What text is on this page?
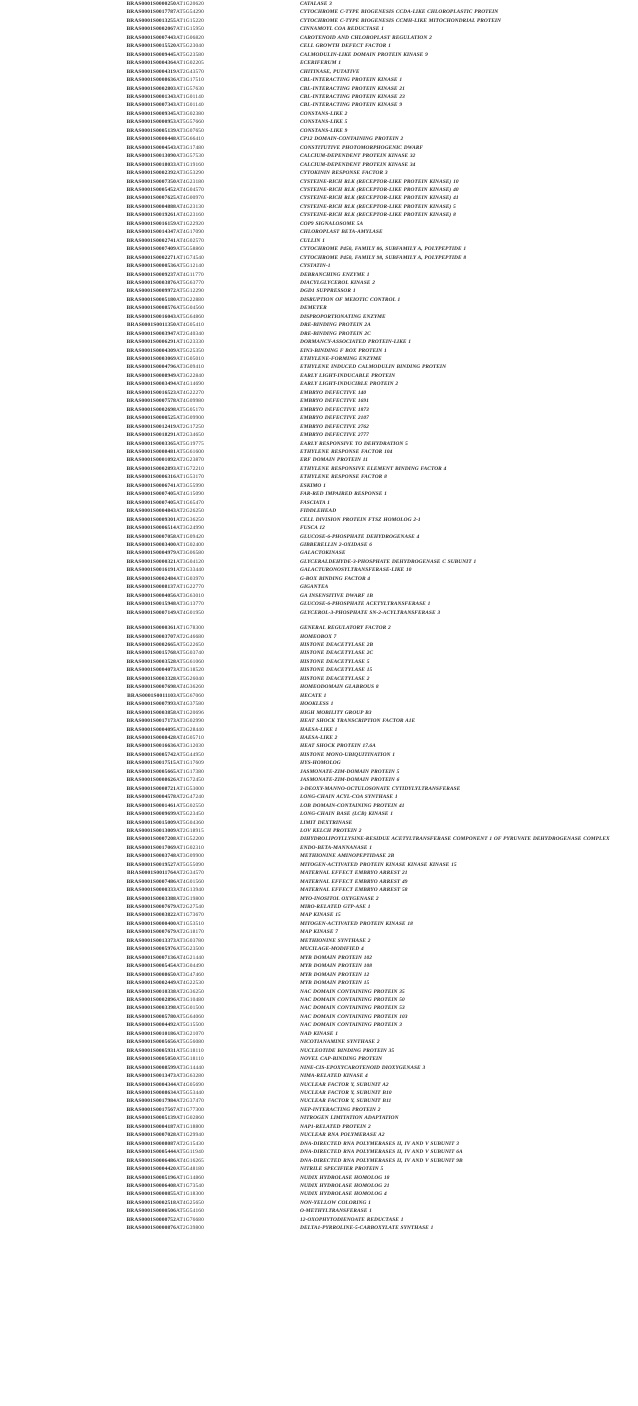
BRAS0001S0000250	AT1G20620	CATALASE 3
BRAS0001S0017787	AT5G54290	CYTOCHROME C-TYPE BIOGENESIS CCDA-LIKE CHLOROPLASTIC PROTEIN
BRAS0001S0013255	AT1G15220	CYTOCHROME C-TYPE BIOGENESIS CCMH-LIKE MITOCHONDRIAL PROTEIN
BRAS0001S0002067	AT1G15950	CINNAMOYL COA REDUCTASE 1
BRAS0001S0007443	AT1G06820	CAROTENOID AND CHLOROPLAST REGULATION 2
BRAS0001S0015520	AT5G23040	CELL GROWTH DEFECT FACTOR 1
BRAS0001S0009445	AT5G23580	CALMODULIN-LIKE DOMAIN PROTEIN KINASE 9
BRAS0001S0004364	AT1G02205	ECERIFERUM 1
BRAS0001S0004319	AT2G43570	CHITINASE, PUTATIVE
BRAS0001S0008636	AT3G17510	CBL-INTERACTING PROTEIN KINASE 1
BRAS0001S0002803	AT1G57630	CBL-INTERACTING PROTEIN KINASE 21
BRAS0001S0001343	AT1G01140	CBL-INTERACTING PROTEIN KINASE 23
BRAS0001S0007343	AT1G01140	CBL-INTERACTING PROTEIN KINASE 9
BRAS0001S0009345	AT3G02380	CONSTANS-LIKE 2
BRAS0001S0000953	AT5G57660	CONSTANS-LIKE 5
BRAS0001S0005139	AT3G07650	CONSTANS-LIKE 9
BRAS0001S0000448	AT5G66410	CP12 DOMAIN-CONTAINING PROTEIN 2
BRAS0001S0004543	AT3G17480	CONSTITUTIVE PHOTOMORPHOGENIC DWARF
BRAS0001S0013090	AT3G57530	CALCIUM-DEPENDENT PROTEIN KINASE 32
BRAS0001S0018033	AT1G19160	CALCIUM-DEPENDENT PROTEIN KINASE 34
BRAS0001S0002392	AT3G53290	CYTOKININ RESPONSE FACTOR 3
BRAS0001S0007350	AT4G23180	CYSTEINE-RICH RLK (RECEPTOR-LIKE PROTEIN KINASE) 10
BRAS0001S0005452	AT4G04570	CYSTEINE-RICH RLK (RECEPTOR-LIKE PROTEIN KINASE) 40
BRAS0001S0007625	AT4G00970	CYSTEINE-RICH RLK (RECEPTOR-LIKE PROTEIN KINASE) 41
BRAS0001S0004888	AT4G23130	CYSTEINE-RICH RLK (RECEPTOR-LIKE PROTEIN KINASE) 5
BRAS0001S0019261	AT4G23160	CYSTEINE-RICH RLK (RECEPTOR-LIKE PROTEIN KINASE) 8
BRAS0001S0016159	AT1G22920	COP9 SIGNALOSOME 5A
BRAS0001S0014347	AT4G17090	CHLOROPLAST BETA-AMYLASE
BRAS0001S0002741	AT4G02570	CULLIN 1
BRAS0001S0007409	AT5G58860	CYTOCHROME P450, FAMILY 86, SUBFAMILY A, POLYPEPTIDE 1
BRAS0001S0002271	AT1G74540	CYTOCHROME P450, FAMILY 98, SUBFAMILY A, POLYPEPTIDE 8
BRAS0001S0000536	AT5G12140	CYSTATIN-1
BRAS0001S0009237	AT4G11770	DEBRANCHING ENZYME 1
BRAS0001S0003876	AT5G63770	DIACYLGLYCEROL KINASE 2
BRAS0001S0009972	AT5G12290	DGD1 SUPPRESSOR 1
BRAS0001S0005180	AT3G22880	DISRUPTION OF MEIOTIC CONTROL 1
BRAS0001S0008576	AT5G04560	DEMETER
BRAS0001S0016043	AT5G64860	DISPROPORTIONATING ENZYME
BRAS0001S0011350	AT4G05410	DRE-BINDING PROTEIN 2A
BRAS0001S0003947	AT2G40340	DRE-BINDING PROTEIN 2C
BRAS0001S0006291	AT1G23330	DORMANCY-ASSOCIATED PROTEIN-LIKE 1
BRAS0001S0004309	AT5G25350	EIN3-BINDING F BOX PROTEIN 1
BRAS0001S0003069	AT1G05010	ETHYLENE-FORMING ENZYME
BRAS0001S0004796	AT3G09410	ETHYLENE INDUCED CALMODULIN BINDING PROTEIN
BRAS0001S0008949	AT3G22840	EARLY LIGHT-INDUCABLE PROTEIN
BRAS0001S0003494	AT4G14690	EARLY LIGHT-INDUCIBLE PROTEIN 2
BRAS0001S0016523	AT4G22270	EMBRYO DEFECTIVE 140
BRAS0001S0007578	AT4G09980	EMBRYO DEFECTIVE 1691
BRAS0001S0002698	AT5G05170	EMBRYO DEFECTIVE 1873
BRAS0001S0000525	AT3G09900	EMBRYO DEFECTIVE 2107
BRAS0001S0012419	AT2G17250	EMBRYO DEFECTIVE 2762
BRAS0001S0018291	AT2G34650	EMBRYO DEFECTIVE 2777
BRAS0001S0003365	AT5G19775	EARLY RESPONSIVE TO DEHYDRATION 5
BRAS0001S0008481	AT5G61600	ETHYLENE RESPONSE FACTOR 104
BRAS0001S0001092	AT2G23870	ERF DOMAIN PROTEIN 11
BRAS0001S0002893	AT1G72210	ETHYLENE RESPONSIVE ELEMENT BINDING FACTOR 4
BRAS0001S0006316	AT1G53170	ETHYLENE RESPONSE FACTOR 8
BRAS0001S0006741	AT3G55990	ESKIMO 1
BRAS0001S0007405	AT4G15090	FAR-RED IMPAIRED RESPONSE 1
BRAS0001S0007405	AT1G65470	FASCIATA 1
BRAS0001S0004843	AT2G26250	FIDDLEHEAD
BRAS0001S0009301	AT2G36250	CELL DIVISION PROTEIN FTSZ HOMOLOG 2-1
BRAS0001S0006514	AT3G24990	FUSCA 12
BRAS0001S0007058	AT1G09420	GLUCOSE-6-PHOSPHATE DEHYDROGENASE 4
BRAS0001S0003400	AT1G02400	GIBBERELLIN 2-OXIDASE 6
BRAS0001S0004979	AT3G06580	GALACTOKINASE
BRAS0001S0000321	AT3G04120	GLYCERALDEHYDE-3-PHOSPHATE DEHYDROGENASE C SUBUNIT 1
BRAS0001S0016191	AT2G33440	GALACTURONOSYLTRANSFERASE-LIKE 10
BRAS0001S0002484	AT1G03970	G-BOX BINDING FACTOR 4
BRAS0001S0008137	AT1G22770	GIGANTEA
BRAS0001S0004056	AT3G63010	GA INSENSITIVE DWARF 1B
BRAS0001S0015948	AT3G13770	GLUCOSE-6-PHOSPHATE ACETYLTRANSFERASE 1
BRAS0001S0007149	AT4G01950	GLYCEROL-3-PHOSPHATE SN-2-ACYLTRANSFERASE 3

BRAS0001S0000361	AT1G78300	GENERAL REGULATORY FACTOR 2
BRAS0001S0003707	AT2G46680	HOMEOBOX 7
BRAS0001S0002665	AT5G22650	HISTONE DEACETYLASE 2B
BRAS0001S0015768	AT5G03740	HISTONE DEACETYLASE 2C
BRAS0001S0003528	AT5G61060	HISTONE DEACETYLASE 5
BRAS0001S0004073	AT3G18520	HISTONE DEACETYLASE 15
BRAS0001S0003328	AT5G26040	HISTONE DEACETYLASE 2
BRAS0001S0007698	AT4G36260	HOMEODOMAIN GLABROUS 8
BRAS0001S0011103	AT5G67060	HECATE 1
BRAS0001S0007993	AT4G37580	HOOKLESS 1
BRAS0001S0003858	AT1G20696	HIGH MOBILITY GROUP B3
BRAS0001S0017173	AT3G02990	HEAT SHOCK TRANSCRIPTION FACTOR A1E
BRAS0001S0004095	AT3G28440	HAESA-LIKE 1
BRAS0001S0008428	AT4G05710	HAESA-LIKE 2
BRAS0001S0016636	AT3G12030	HEAT SHOCK PROTEIN 17.6A
BRAS0001S0005742	AT5G44950	HISTONE MONO-UBIQUITINATION 1
BRAS0001S0017515	AT1G17609	HYS-HOMOLOG
BRAS0001S0005665	AT1G17380	JASMONATE-ZIM-DOMAIN PROTEIN 5
BRAS0001S0008626	AT1G72450	JASMONATE-ZIM-DOMAIN PROTEIN 6
BRAS0001S0008721	AT1G53000	3-DEOXY-MANNO-OCTULOSONATE CYTIDYLYLTRANSFERASE
BRAS0001S0004578	AT2G47240	LONG-CHAIN ACYL-COA SYNTHASE 1
BRAS0001S0001461	AT5G02550	LOB DOMAIN-CONTAINING PROTEIN 41
BRAS0001S0009699	AT5G23450	LONG-CHAIN BASE (LCB) KINASE 1
BRAS0001S0015009	AT5G04360	LIMIT DEXTRINASE
BRAS0001S0013009	AT2G18915	LOV KELCH PROTEIN 2
BRAS0001S0007208	AT1G52200	DIHYDROLIPOYLLYSINE-RESIDUE ACETYLTRANSFERASE COMPONENT 1 OF PYRUVATE DEHYDROGENASE COMPLEX
BRAS0001S0017069	AT1G02310	ENDO-BETA-MANNANASE 1
BRAS0001S0003748	AT3G09900	METHIONINE AMINOPEPTIDASE 2B
BRAS0001S0019527	AT5G55090	MITOGEN-ACTIVATED PROTEIN KINASE KINASE KINASE 15
BRAS0001S0011764	AT2G34570	MATERNAL EFFECT EMBRYO ARREST 21
BRAS0001S0007486	AT4G01560	MATERNAL EFFECT EMBRYO ARREST 49
BRAS0001S0000333	AT4G13940	MATERNAL EFFECT EMBRYO ARREST 58
BRAS0001S0003388	AT2G19800	MYO-INOSITOL OXYGENASE 2
BRAS0001S0007679	AT2G27540	MIRO-RELATED GTP-ASE 1
BRAS0001S0003822	AT1G73670	MAP KINASE 15
BRAS0001S0000400	AT1G53510	MITOGEN-ACTIVATED PROTEIN KINASE 18
BRAS0001S0007679	AT2G18170	MAP KINASE 7
BRAS0001S0013373	AT3G03780	METHIONINE SYNTHASE 2
BRAS0001S0005976	AT5G23500	MUCILAGE-MODIFIED 4
BRAS0001S0007136	AT4G21440	MYB DOMAIN PROTEIN 102
BRAS0001S0005454	AT3G04490	MYB DOMAIN PROTEIN 108
BRAS0001S0008650	AT3G47460	MYB DOMAIN PROTEIN 12
BRAS0001S0002449	AT4G22530	MYB DOMAIN PROTEIN 15
BRAS0001S0010338	AT2G36250	NAC DOMAIN CONTAINING PROTEIN 35
BRAS0001S0002896	AT3G10480	NAC DOMAIN CONTAINING PROTEIN 50
BRAS0001S0003398	AT5G01500	NAC DOMAIN CONTAINING PROTEIN 53
BRAS0001S0005780	AT5G64060	NAC DOMAIN CONTAINING PROTEIN 103
BRAS0001S0004492	AT5G15500	NAC DOMAIN CONTAINING PROTEIN 3
BRAS0001S0010186	AT3G21070	NAD KINASE 1
BRAS0001S0005656	AT5G56080	NICOTIANAMINE SYNTHASE 2
BRAS0001S0005931	AT5G18110	NUCLEOTIDE BINDING PROTEIN 35
BRAS0001S0005050	AT5G18110	NOVEL CAP-BINDING PROTEIN
BRAS0001S0008599	AT3G14440	NINE-CIS-EPOXYCAROTENOID DIOXYGENASE 3
BRAS0001S0013473	AT3G63280	NIMA-RELATED KINASE 4
BRAS0001S0004344	AT4G05690	NUCLEAR FACTOR Y, SUBUNIT A2
BRAS0001S0008634	AT5G53440	NUCLEAR FACTOR Y, SUBUNIT B10
BRAS0001S0017984	AT2G37470	NUCLEAR FACTOR Y, SUBUNIT B11
BRAS0001S0017567	AT1G77300	NEP-INTERACTING PROTEIN 2
BRAS0001S0005139	AT1G02860	NITROGEN LIMITATION ADAPTATION
BRAS0001S0004187	AT1G18800	NAP1-RELATED PROTEIN 2
BRAS0001S0007028	AT1G29940	NUCLEAR RNA POLYMERASE A2
BRAS0001S0008087	AT2G15430	DNA-DIRECTED RNA POLYMERASES II, IV AND V SUBUNIT 3
BRAS0001S0005444	AT5G11940	DNA-DIRECTED RNA POLYMERASES II, IV AND V SUBUNIT 6A
BRAS0001S0006486	AT4G16265	DNA-DIRECTED RNA POLYMERASES II, IV AND V SUBUNIT 9B
BRAS0001S0004420	AT5G48180	NITRILE SPECIFIER PROTEIN 5
BRAS0001S0005196	AT1G14860	NUDIX HYDROLASE HOMOLOG 18
BRAS0001S0006408	AT1G73540	NUDIX HYDROLASE HOMOLOG 21
BRAS0001S0000855	AT1G18300	NUDIX HYDROLASE HOMOLOG 4
BRAS0001S0002518	AT4G25650	NON-YELLOW COLORING 1
BRAS0001S0000506	AT5G54160	O-METHYLTRANSFERASE 1
BRAS0001S0000752	AT1G76680	12-OXOPHYTODIENOATE REDUCTASE 1
BRAS0001S0000876	AT2G39800	DELTA1-PYRROLINE-5-CARBOXYLATE SYNTHASE 1
